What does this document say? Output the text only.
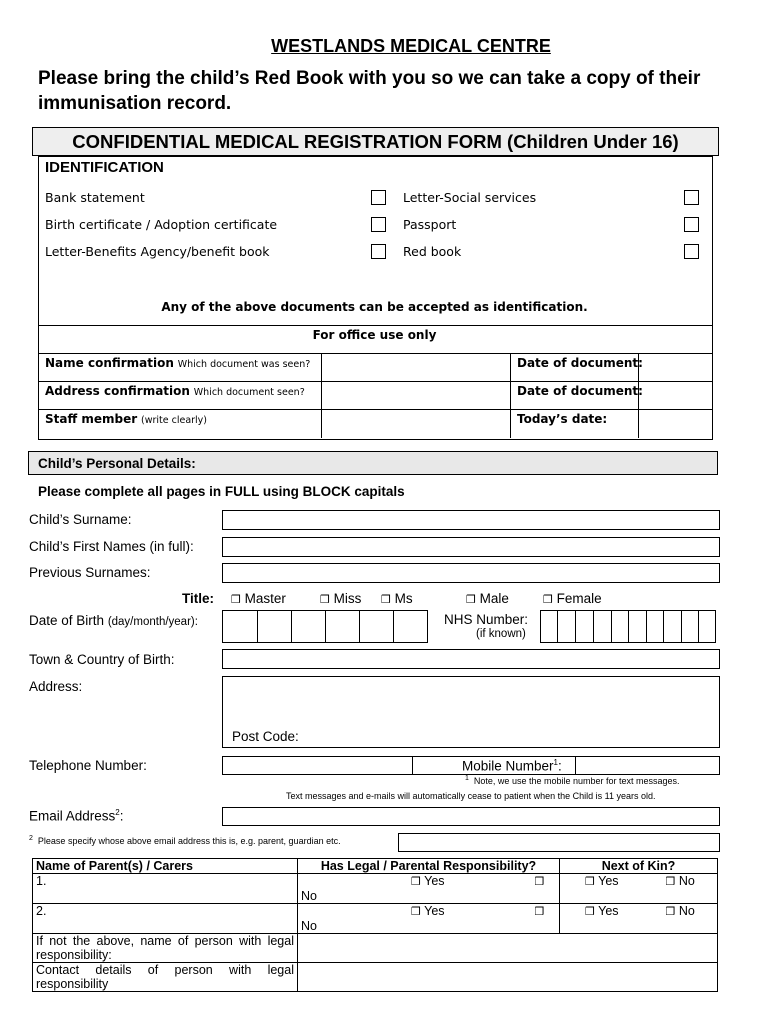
WESTLANDS MEDICAL CENTRE
Please bring the child’s Red Book with you so we can take a copy of their immunisation record.
CONFIDENTIAL MEDICAL REGISTRATION FORM (Children Under 16)
IDENTIFICATION
Bank statement	Letter-Social services
Birth certificate / Adoption certificate	Passport
Letter-Benefits Agency/benefit book	Red book
Any of the above documents can be accepted as identification.
For office use only
Name confirmation Which document was seen?	Date of document:
Address confirmation Which document seen?	Date of document:
Staff member (write clearly)	Today’s date:
Child’s Personal Details:
Please complete all pages in FULL using BLOCK capitals
Child’s Surname:
Child’s First Names (in full):
Previous Surnames:
Title: ❒ Master	❒ Miss ❒ Ms	❒ Male	❒ Female
Date of Birth (day/month/year):	NHS Number:
(if known)
Town & Country of Birth:
Address:
Post Code:
Telephone Number:	Mobile Number$^1$:
$^1$ Note, we use the mobile number for text messages.
Text messages and e-mails will automatically cease to patient when the Child is 11 years old.
Email Address$^2$:
$^2$ Please specify whose above email address this is, e.g. parent, guardian etc.
Name of Parent(s) / Carers	Has Legal / Parental Responsibility?	Next of Kin?
1.	❒ Yes ❒ No	❒ Yes ❒ No
2.	❒ Yes ❒ No	❒ Yes ❒ No
If not the above, name of person with legal responsibility:		
Contact details of person with legal responsibility		
